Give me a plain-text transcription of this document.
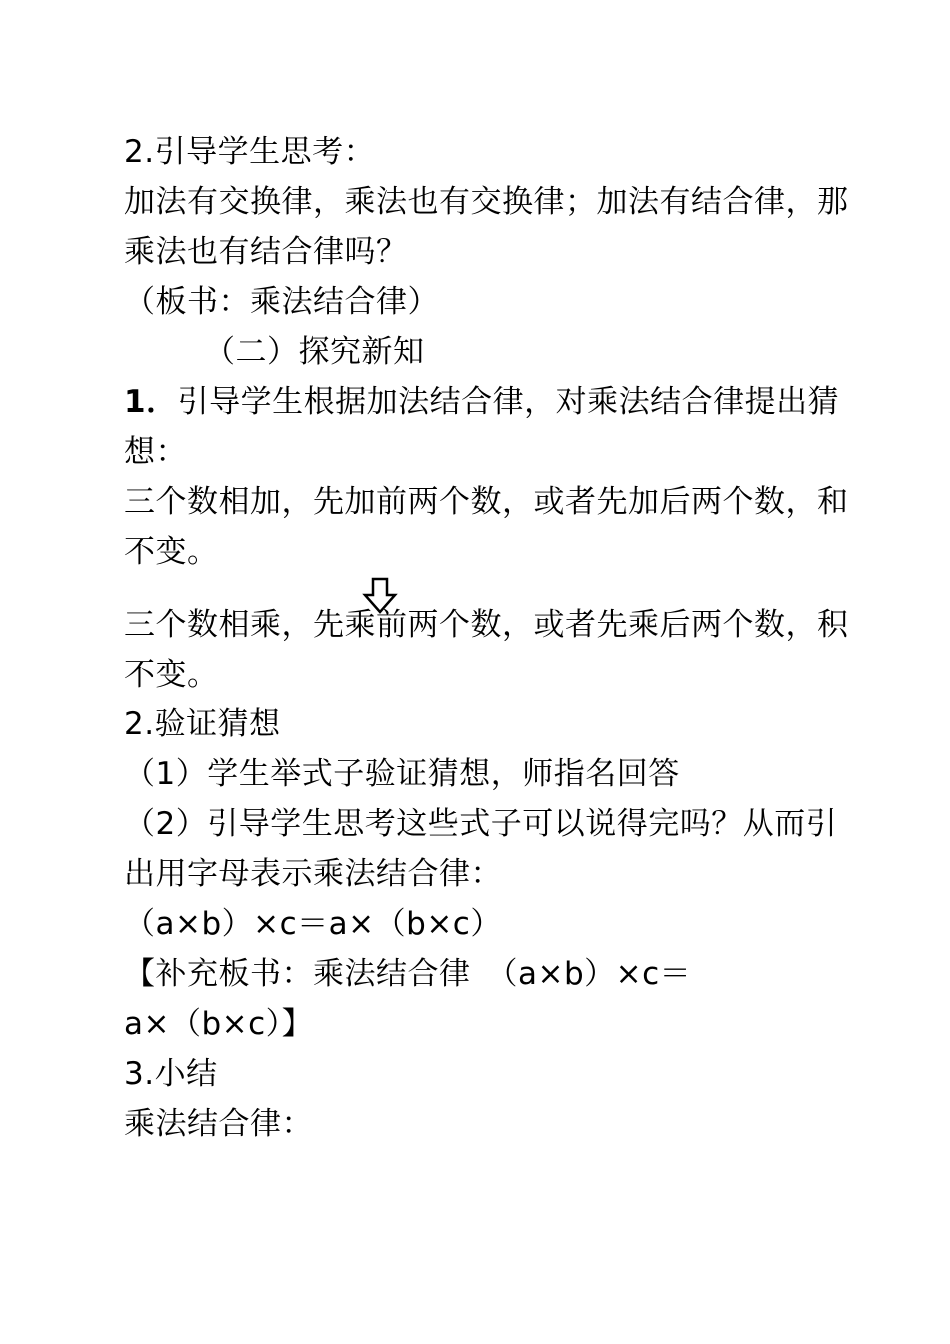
2.引导学生思考：
加法有交换律，乘法也有交换律；加法有结合律，那
乘法也有结合律吗？
（板书：乘法结合律）
（二）探究新知
1．引导学生根据加法结合律，对乘法结合律提出猜
想：
三个数相加，先加前两个数，或者先加后两个数，和
不变。
三个数相乘，先乘前两个数，或者先乘后两个数，积
不变。
2.验证猜想
（1）学生举式子验证猜想，师指名回答
（2）引导学生思考这些式子可以说得完吗？从而引
出用字母表示乘法结合律：
（a×b）×c＝a×（b×c）
【补充板书：乘法结合律　（a×b）×c＝
a×（b×c）】
3.小结
乘法结合律：
